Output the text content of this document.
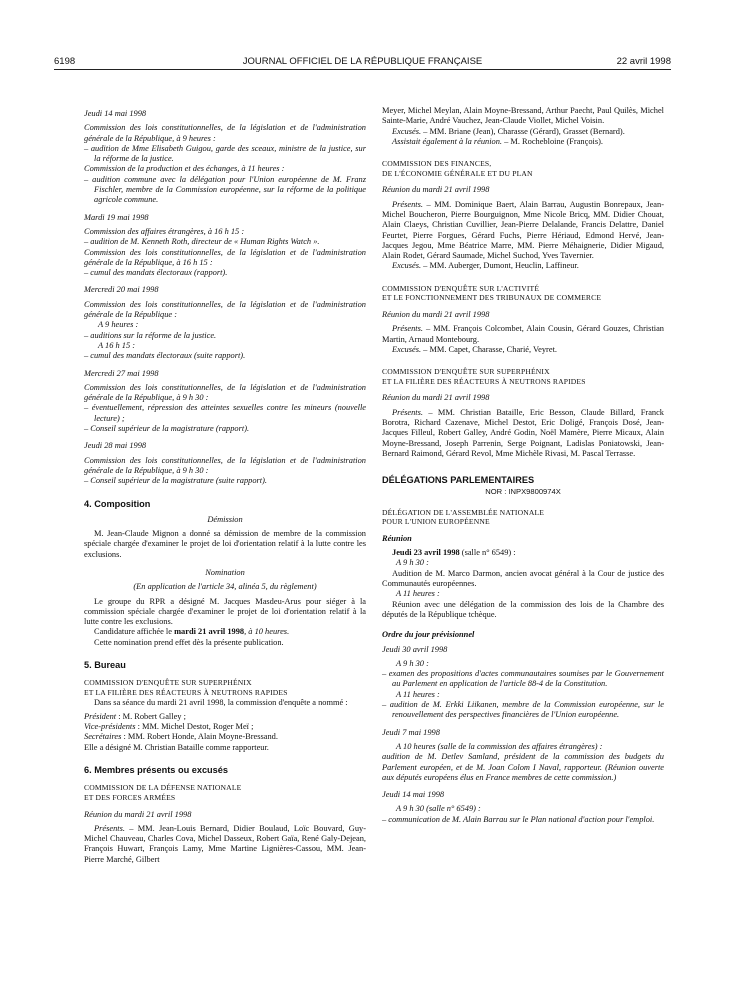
6198	JOURNAL OFFICIEL DE LA RÉPUBLIQUE FRANÇAISE	22 avril 1998

Jeudi 14 mai 1998

Commission des lois constitutionnelles, de la législation et de l'administration générale de la République, à 9 heures :

– audition de Mme Elisabeth Guigou, garde des sceaux, ministre de la justice, sur la réforme de la justice.

Commission de la production et des échanges, à 11 heures :

– audition commune avec la délégation pour l'Union européenne de M. Franz Fischler, membre de la Commission européenne, sur la réforme de la politique agricole commune.

Mardi 19 mai 1998

Commission des affaires étrangères, à 16 h 15 :

– audition de M. Kenneth Roth, directeur de « Human Rights Watch ».

Commission des lois constitutionnelles, de la législation et de l'administration générale de la République, à 16 h 15 :

– cumul des mandats électoraux (rapport).

Mercredi 20 mai 1998

Commission des lois constitutionnelles, de la législation et de l'administration générale de la République :

A 9 heures :

– auditions sur la réforme de la justice.

A 16 h 15 :

– cumul des mandats électoraux (suite rapport).

Mercredi 27 mai 1998

Commission des lois constitutionnelles, de la législation et de l'administration générale de la République, à 9 h 30 :

– éventuellement, répression des atteintes sexuelles contre les mineurs (nouvelle lecture) ;

– Conseil supérieur de la magistrature (rapport).

Jeudi 28 mai 1998

Commission des lois constitutionnelles, de la législation et de l'administration générale de la République, à 9 h 30 :

– Conseil supérieur de la magistrature (suite rapport).

4. Composition

Démission

M. Jean-Claude Mignon a donné sa démission de membre de la commission spéciale chargée d'examiner le projet de loi d'orientation relatif à la lutte contre les exclusions.

Nomination

(En application de l'article 34, alinéa 5, du règlement)

Le groupe du RPR a désigné M. Jacques Masdeu-Arus pour siéger à la commission spéciale chargée d'examiner le projet de loi d'orientation relatif à la lutte contre les exclusions.

Candidature affichée le mardi 21 avril 1998, à 10 heures.

Cette nomination prend effet dès la présente publication.

5. Bureau

COMMISSION D'ENQUÊTE SUR SUPERPHÉNIX

ET LA FILIÈRE DES RÉACTEURS À NEUTRONS RAPIDES

Dans sa séance du mardi 21 avril 1998, la commission d'enquête a nommé :

Président : M. Robert Galley ;

Vice-présidents : MM. Michel Destot, Roger Meï ;

Secrétaires : MM. Robert Honde, Alain Moyne-Bressand.

Elle a désigné M. Christian Bataille comme rapporteur.

6. Membres présents ou excusés

COMMISSION DE LA DÉFENSE NATIONALE

ET DES FORCES ARMÉES

Réunion du mardi 21 avril 1998

Présents. – MM. Jean-Louis Bernard, Didier Boulaud, Loïc Bouvard, Guy-Michel Chauveau, Charles Cova, Michel Dasseux, Robert Gaïa, René Galy-Dejean, François Huwart, François Lamy, Mme Martine Lignières-Cassou, MM. Jean-Pierre Marché, Gilbert

Meyer, Michel Meylan, Alain Moyne-Bressand, Arthur Paecht, Paul Quilès, Michel Sainte-Marie, André Vauchez, Jean-Claude Viollet, Michel Voisin.

Excusés. – MM. Briane (Jean), Charasse (Gérard), Grasset (Bernard).

Assistait également à la réunion. – M. Rochebloine (François).

COMMISSION DES FINANCES,

DE L'ÉCONOMIE GÉNÉRALE ET DU PLAN

Réunion du mardi 21 avril 1998

Présents. – MM. Dominique Baert, Alain Barrau, Augustin Bonrepaux, Jean-Michel Boucheron, Pierre Bourguignon, Mme Nicole Bricq, MM. Didier Chouat, Alain Claeys, Christian Cuvillier, Jean-Pierre Delalande, Francis Delattre, Daniel Feurtet, Pierre Forgues, Gérard Fuchs, Pierre Hériaud, Edmond Hervé, Jean-Jacques Jegou, Mme Béatrice Marre, MM. Pierre Méhaignerie, Didier Migaud, Alain Rodet, Gérard Saumade, Michel Suchod, Yves Tavernier.

Excusés. – MM. Auberger, Dumont, Heuclin, Laffineur.

COMMISSION D'ENQUÊTE SUR L'ACTIVITÉ

ET LE FONCTIONNEMENT DES TRIBUNAUX DE COMMERCE

Réunion du mardi 21 avril 1998

Présents. – MM. François Colcombet, Alain Cousin, Gérard Gouzes, Christian Martin, Arnaud Montebourg.

Excusés. – MM. Capet, Charasse, Charié, Veyret.

COMMISSION D'ENQUÊTE SUR SUPERPHÉNIX

ET LA FILIÈRE DES RÉACTEURS À NEUTRONS RAPIDES

Réunion du mardi 21 avril 1998

Présents. – MM. Christian Bataille, Eric Besson, Claude Billard, Franck Borotra, Richard Cazenave, Michel Destot, Eric Doligé, François Dosé, Jean-Jacques Filleul, Robert Galley, André Godin, Noël Mamère, Pierre Micaux, Alain Moyne-Bressand, Joseph Parrenin, Serge Poignant, Ladislas Poniatowski, Jean-Bernard Raimond, Gérard Revol, Mme Michèle Rivasi, M. Pascal Terrasse.

DÉLÉGATIONS PARLEMENTAIRES

NOR : INPX9800974X

DÉLÉGATION DE L'ASSEMBLÉE NATIONALE

POUR L'UNION EUROPÉENNE

Réunion

Jeudi 23 avril 1998 (salle n° 6549) :

A 9 h 30 :

Audition de M. Marco Darmon, ancien avocat général à la Cour de justice des Communautés européennes.

A 11 heures :

Réunion avec une délégation de la commission des lois de la Chambre des députés de la République tchèque.

Ordre du jour prévisionnel

Jeudi 30 avril 1998

A 9 h 30 :

– examen des propositions d'actes communautaires soumises par le Gouvernement au Parlement en application de l'article 88-4 de la Constitution.

A 11 heures :

– audition de M. Erkki Liikanen, membre de la Commission européenne, sur le renouvellement des perspectives financières de l'Union européenne.

Jeudi 7 mai 1998

A 10 heures (salle de la commission des affaires étrangères) :

audition de M. Detlev Samland, président de la commission des budgets du Parlement européen, et de M. Joan Colom I Naval, rapporteur. (Réunion ouverte aux députés européens élus en France membres de cette commission.)

Jeudi 14 mai 1998

A 9 h 30 (salle n° 6549) :

– communication de M. Alain Barrau sur le Plan national d'action pour l'emploi.
